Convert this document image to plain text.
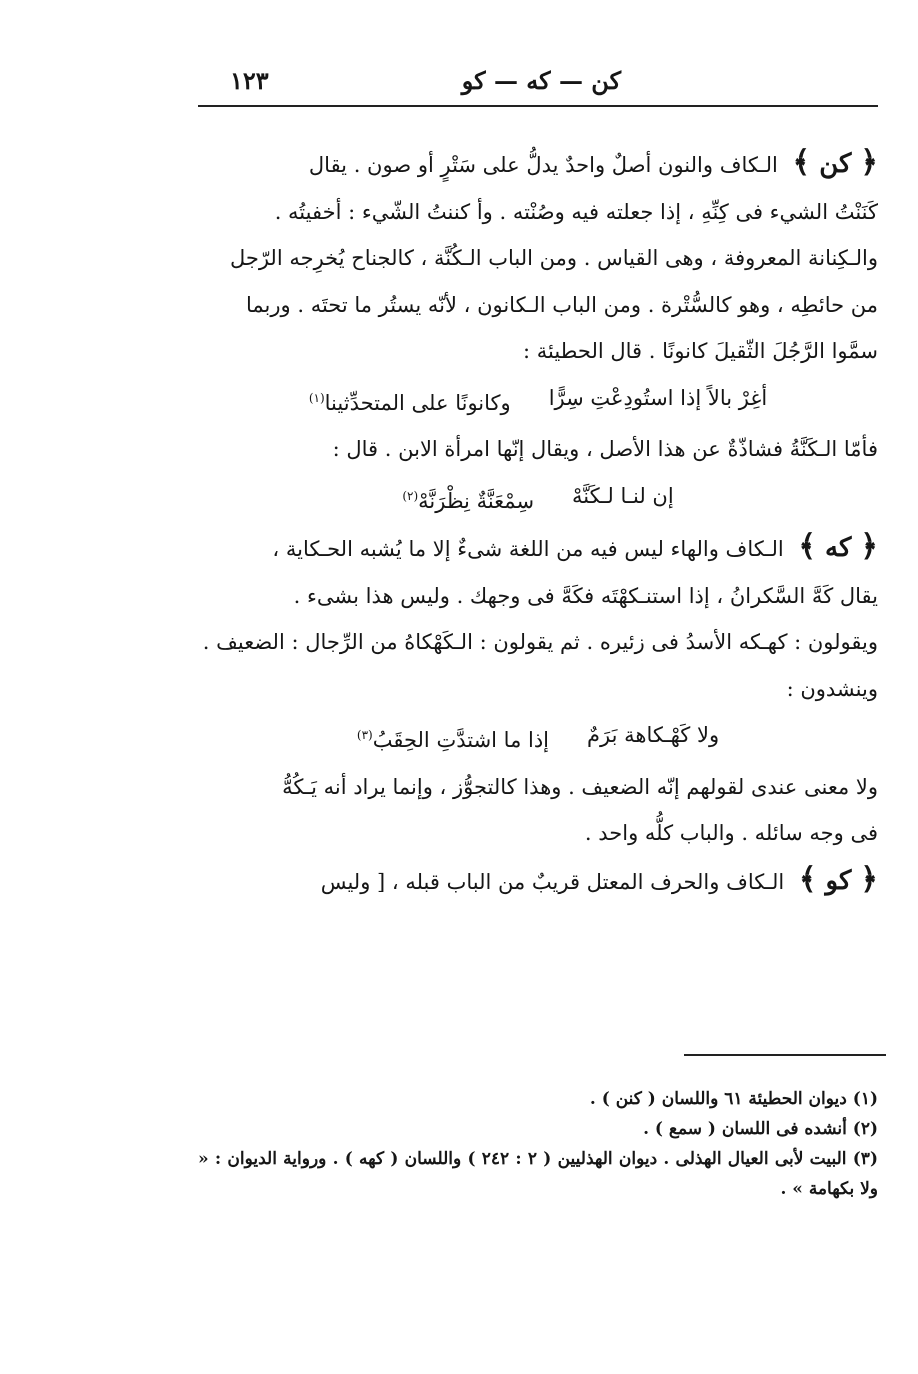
كن — كه — كو
١٢٣

﴿ كن ﴾ الـكاف والنون أصلٌ واحدٌ يدلُّ على سَتْرٍ أو صون . يقال

كَنَنْتُ الشيء فى كِنِّهِ ، إذا جعلته فيه وصُنْته . وأ كننتُ الشّيء : أخفيتُه .

والـكِنانة المعروفة ، وهى القياس . ومن الباب الـكُنَّة ، كالجناح يُخرِجه الرّجل

من حائطِه ، وهو كالسُّتْرة . ومن الباب الـكانون ، لأنّه يستُر ما تحتَه . وربما

سمَّوا الرَّجُلَ الثّقيلَ كانونًا . قال الحطيئة :

أغِرْ بالاً إذا استُودِعْتِ سِرًّا
وكانونًا على المتحدِّثينا$^{(١)}$

فأمّا الـكَنَّةُ فشاذّةٌ عن هذا الأصل ، ويقال إنّها امرأة الابن . قال :

إن لنـا لـكَنَّهْ
سِمْعَنَّةٌ نِظْرَنَّهْ$^{(٢)}$

﴿ كه ﴾ الـكاف والهاء ليس فيه من اللغة شىءٌ إلا ما يُشبه الحـكاية ،

يقال كَهَّ السَّكرانُ ، إذا استنـكهْتَه فكَهَّ فى وجهك . وليس هذا بشىء .

ويقولون : كهـكه الأسدُ فى زئيره . ثم يقولون : الـكَهْكاهُ من الرِّجال : الضعيف .

وينشدون :

ولا كَهْـكاهة بَرَمٌ
إذا ما اشتدَّتِ الحِقَبُ$^{(٣)}$

ولا معنى عندى لقولهم إنّه الضعيف . وهذا كالتجوُّز ، وإنما يراد أنه يَـكُهُّ

فى وجه سائله . والباب كلُّه واحد .

﴿ كو ﴾ الـكاف والحرف المعتل قريبٌ من الباب قبله ، [ وليس

(١) ديوان الحطيئة ٦١ واللسان ( كنن ) .

(٢) أنشده فى اللسان ( سمع ) .

(٣) البيت لأبى العيال الهذلى . ديوان الهذليين ( ٢ : ٢٤٢ ) واللسان ( كهه ) . ورواية الديوان : « ولا بكهامة » .
